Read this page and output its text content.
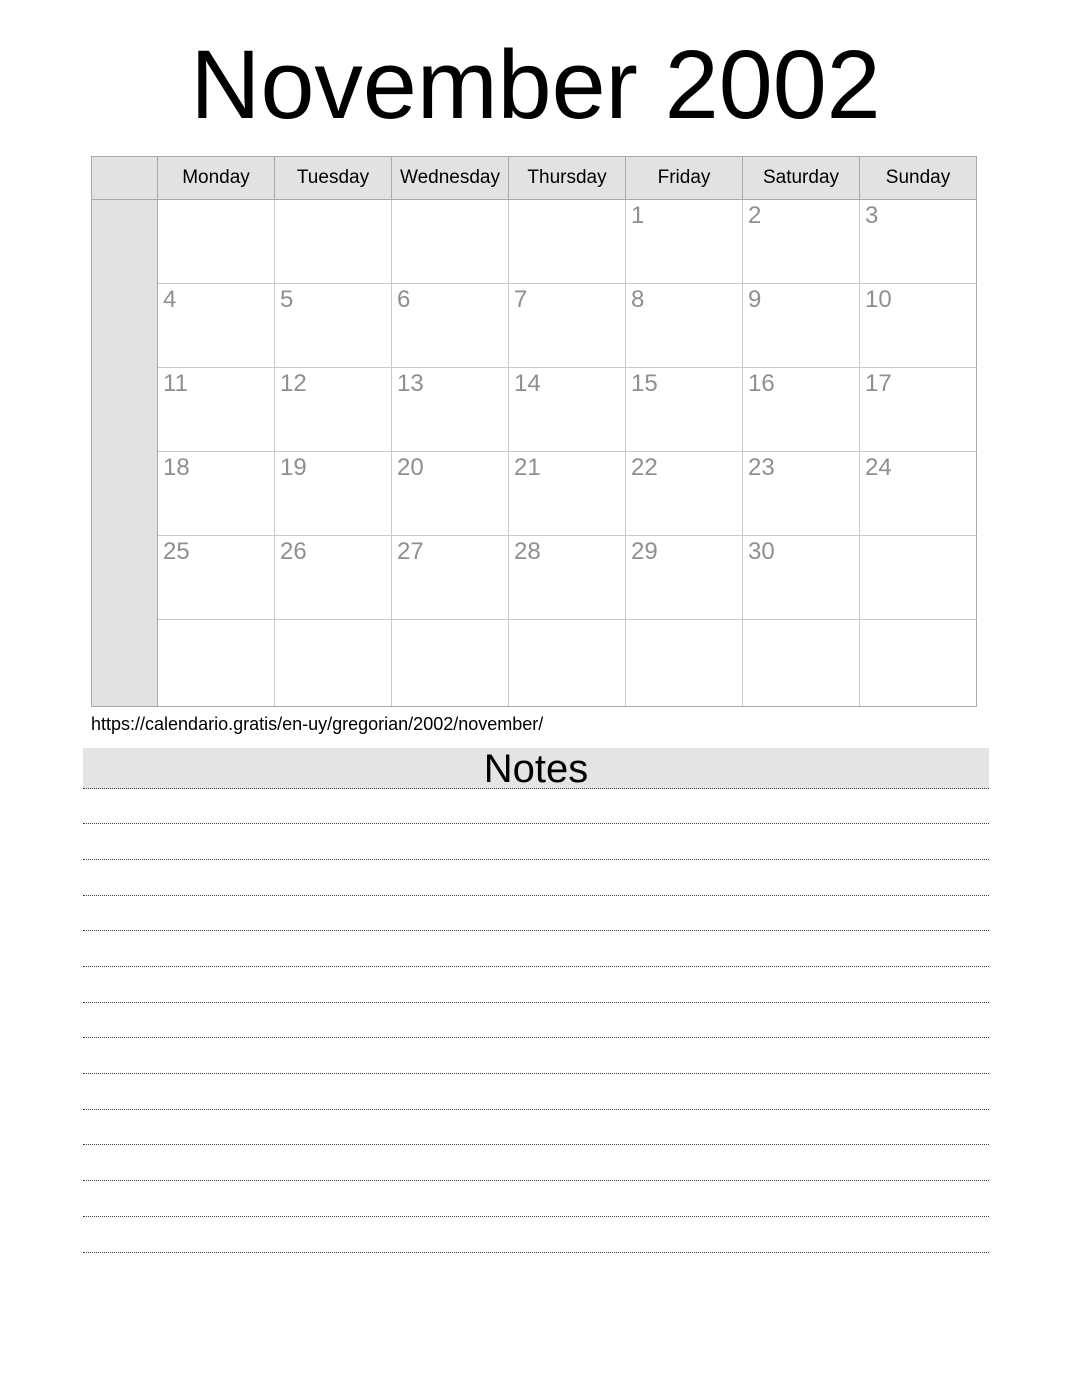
November 2002
	Monday	Tuesday	Wednesday	Thursday	Friday	Saturday	Sunday

					1	2	3

	4	5	6	7	8	9	10

	11	12	13	14	15	16	17

	18	19	20	21	22	23	24

	25	26	27	28	29	30	

https://calendario.gratis/en-uy/gregorian/2002/november/
Notes
